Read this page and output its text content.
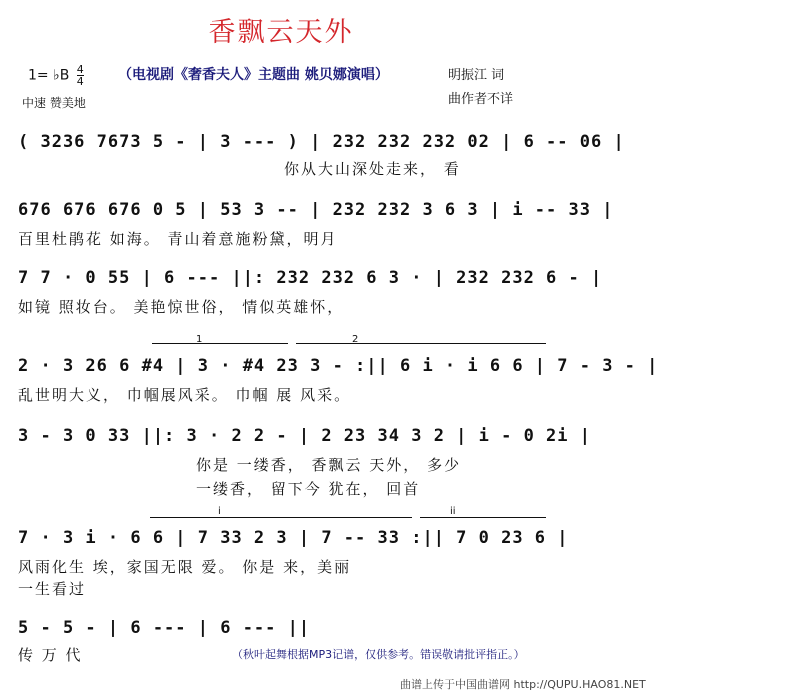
香飘云天外
1= ♭B $\frac{4}{4}$
中速 赞美地
（电视剧《奢香夫人》主题曲 姚贝娜演唱）	明振江 词
曲作者不详
( 3236 7673 5 - | 3 --- ) | 232 232 232 02 | 6 -- 06 |
你从大山深处走来， 看
676 676 676 0 5 | 53 3 -- | 232 232 3 6 3 | i -- 33 |
百里杜鹃花 如海。 青山着意施粉黛，明月
7 7 · 0 55 | 6 --- ||: 232 232 6 3 · | 232 232 6 - |
如镜 照妆台。 美艳惊世俗， 情似英雄怀，
1	2
2 · 3 26 6 #4 | 3 · #4 23 3 - :|| 6 i · i 6 6 | 7 - 3 - |
乱世明大义， 巾帼展风采。 巾帼 展 风采。
3 - 3 0 33 ||: 3 · 2 2 - | 2 23 34 3 2 | i - 0 2i |
你是 一缕香， 香飘云 天外， 多少
一缕香， 留下今 犹在， 回首
i	ii
7 · 3 i · 6 6 | 7 33 2 3 | 7 -- 33 :|| 7 0 23 6 |
风雨化生 埃，家国无限 爱。 你是 来，美丽
一生看过
5 - 5 - | 6 --- | 6 --- ||
传 万 代	（秋叶起舞根据MP3记谱，仅供参考。错误敬请批评指正。）
曲谱上传于中国曲谱网 http://QUPU.HAO81.NET
